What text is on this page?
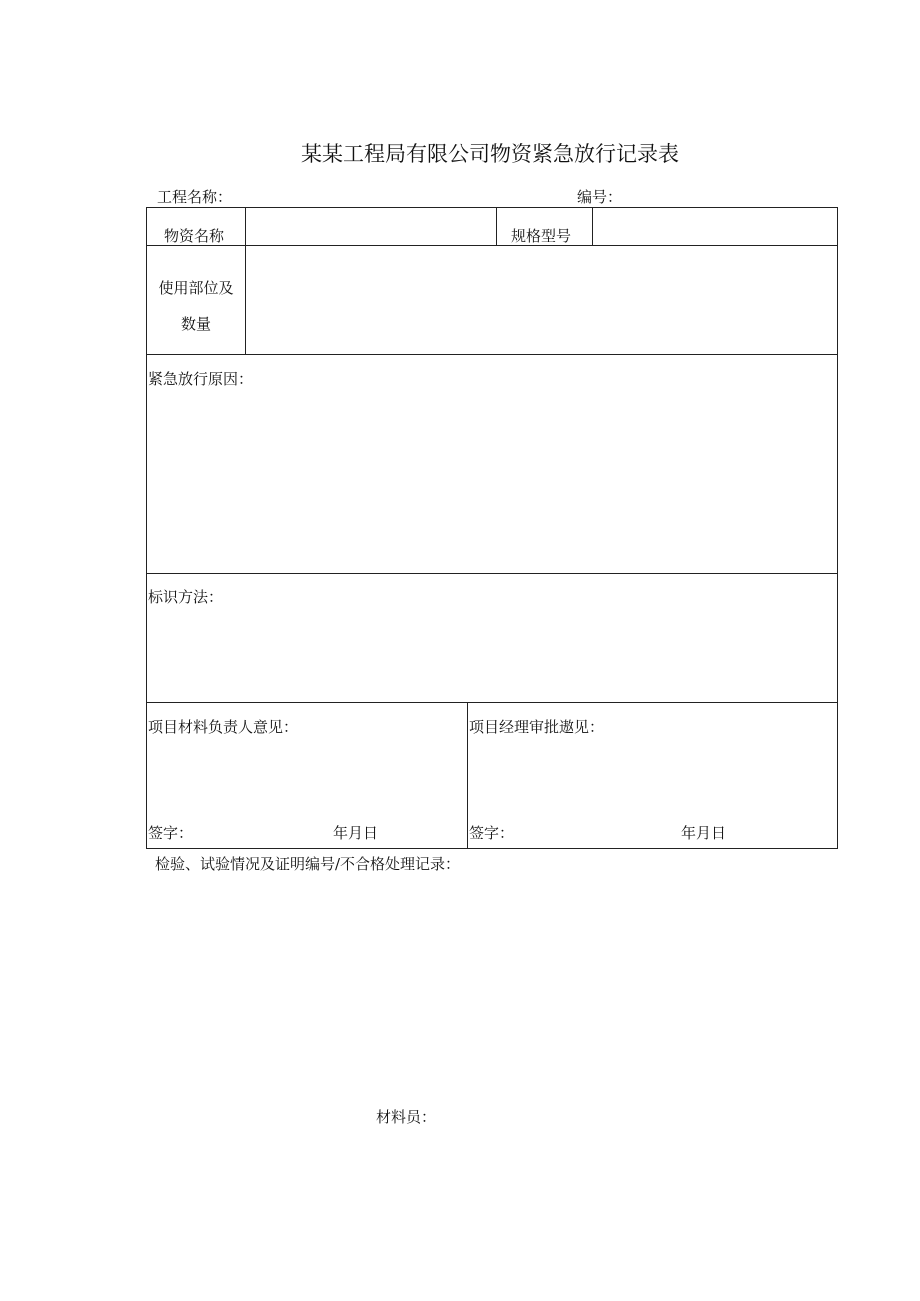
某某工程局有限公司物资紧急放行记录表
工程名称：	编号：
物资名称	规格型号
使用部位及
数量
紧急放行原因：
标识方法：
项目材料负责人意见：
签字：	年月日
项目经理审批遨见：
签字：	年月日
检验、试验情况及证明编号/不合格处理记录：
材料员：
